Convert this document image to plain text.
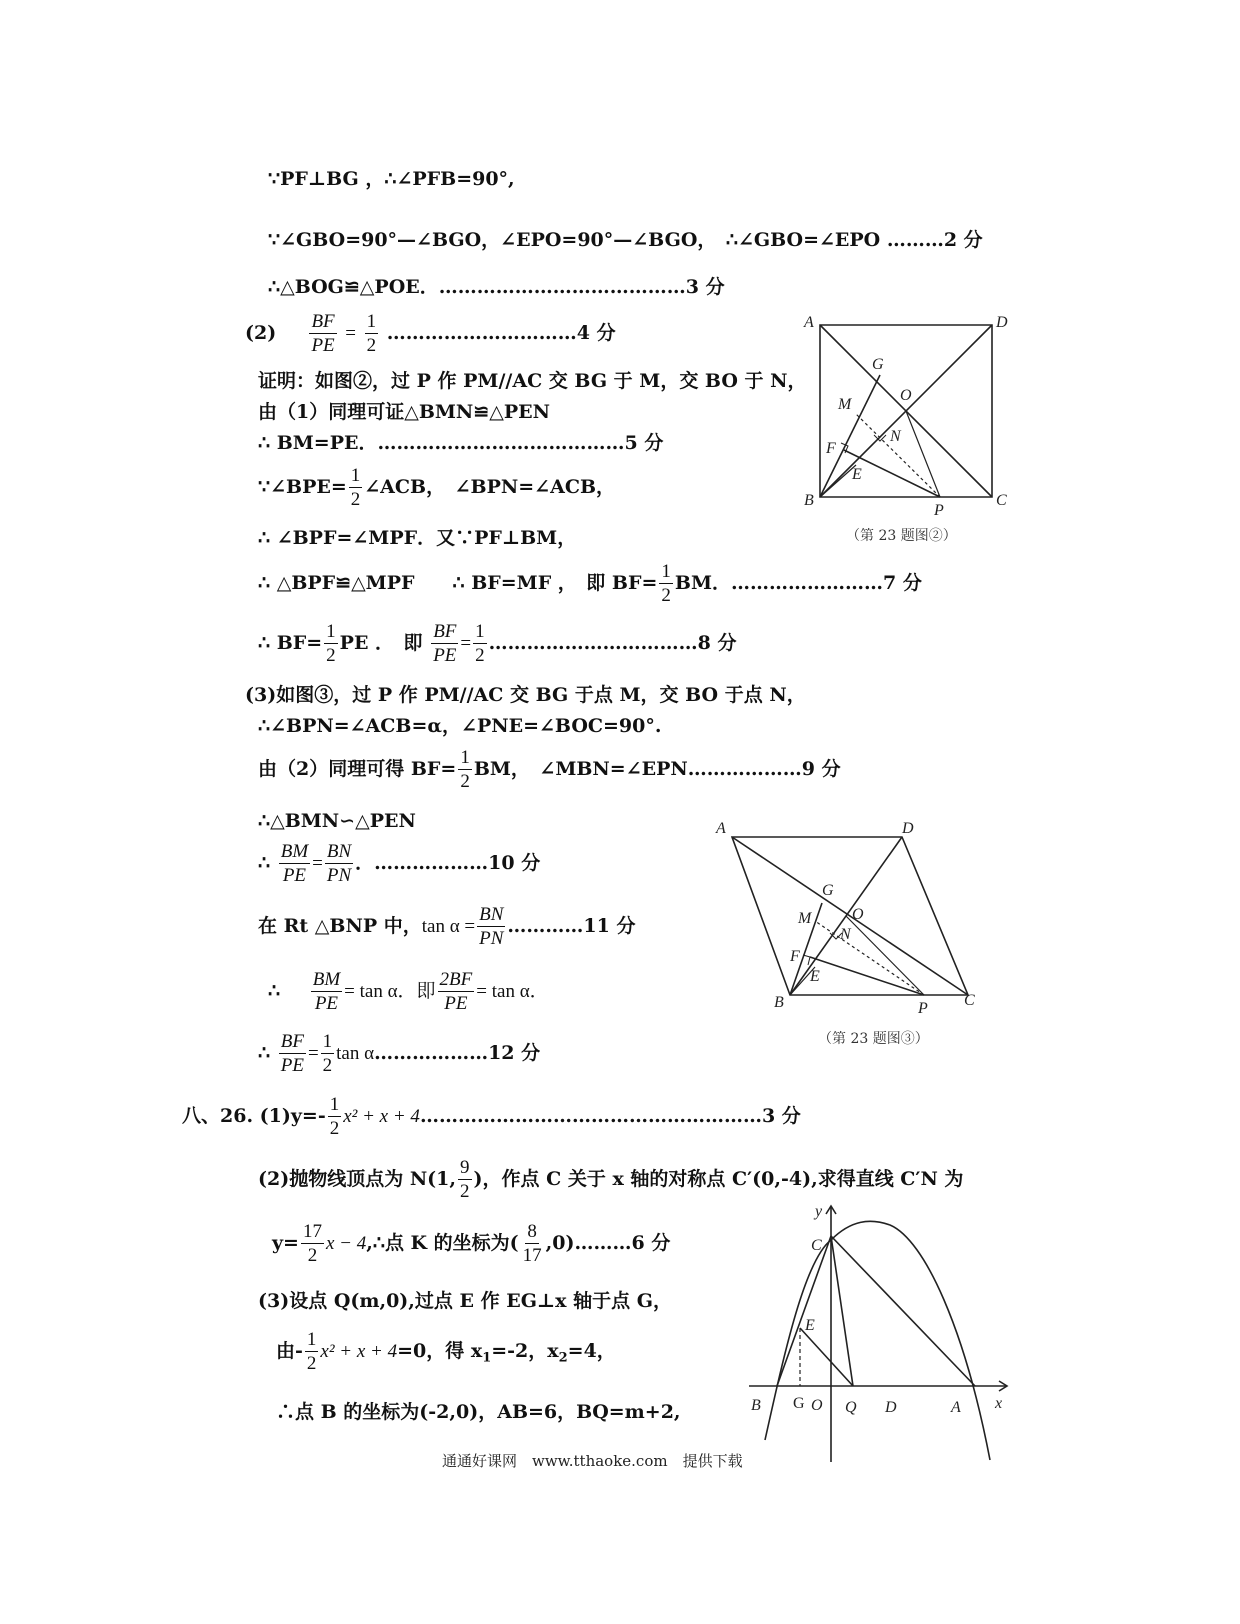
∵PF⊥BG ，∴∠PFB=90°,
∵∠GBO=90°—∠BGO，∠EPO=90°—∠BGO，　∴∠GBO=∠EPO ………2 分
∴△BOG≌△POE．…………………………………3 分
$(2) \frac{BF}{PE} = \frac{1}{2}$ …………………………4 分
证明：如图②，过 P 作 PM//AC 交 BG 于 M，交 BO 于 N，
由（1）同理可证△BMN≌△PEN
∴ BM=PE．…………………………………5 分
∵∠BPE= $\frac{1}{2}$ ∠ACB，　∠BPN=∠ACB，
∴ ∠BPF=∠MPF．又∵PF⊥BM，
∴ △BPF≌△MPF　　∴ BF=MF ，　即 $BF= \frac{1}{2}$ BM．……………………7 分
∴ $BF= \frac{1}{2}$ PE ．　即 $\frac{BF}{PE} = \frac{1}{2}$ ……………………………8 分
(3)如图③，过 P 作 PM//AC 交 BG 于点 M，交 BO 于点 N，
∴∠BPN=∠ACB=α，∠PNE=∠BOC=90°.
由（2）同理可得 $BF= \frac{1}{2}$ BM，　∠MBN=∠EPN………………9 分
∴△BMN∽△PEN
∴ $\frac{BM}{PE} = \frac{BN}{PN}$ ．………………10 分
在 Rt △BNP 中，$\tan \alpha = \frac{BN}{PN}$ …………11 分
∴ $\frac{BM}{PE} = \tan \alpha$．即 $\frac{2BF}{PE} = \tan \alpha$．
∴ $\frac{BF}{PE} = \frac{1}{2}$ tan α………………12 分
八、26. $(1)y=- \frac{1}{2} x^2 + x$ + 4………………………………………………3 分
(2)抛物线顶点为 N(1, $\frac{9}{2}$ )，作点 C 关于 x 轴的对称点 C′(0,-4),求得直线 C′N 为
$y= \frac{17}{2}$ x − 4,∴点 K 的坐标为( $\frac{8}{17}$ ,0)………6 分
(3)设点 Q(m,0),过点 E 作 EG⊥x 轴于点 G，
由- $\frac{1}{2} x^2 + x + 4=0$，得 $x_1=-2$，$x_2=4$，
∴点 B 的坐标为(-2,0)，AB=6，BQ=m+2,
A	D
B	C
G
O
M
N
F
E
P
（第 23 题图②）
A	D
B	C
G
O
M
N
F
E
P
（第 23 题图③）
y
x
C
E
B G O Q D	A
通通好课网　www.tthaoke.com　提供下载
